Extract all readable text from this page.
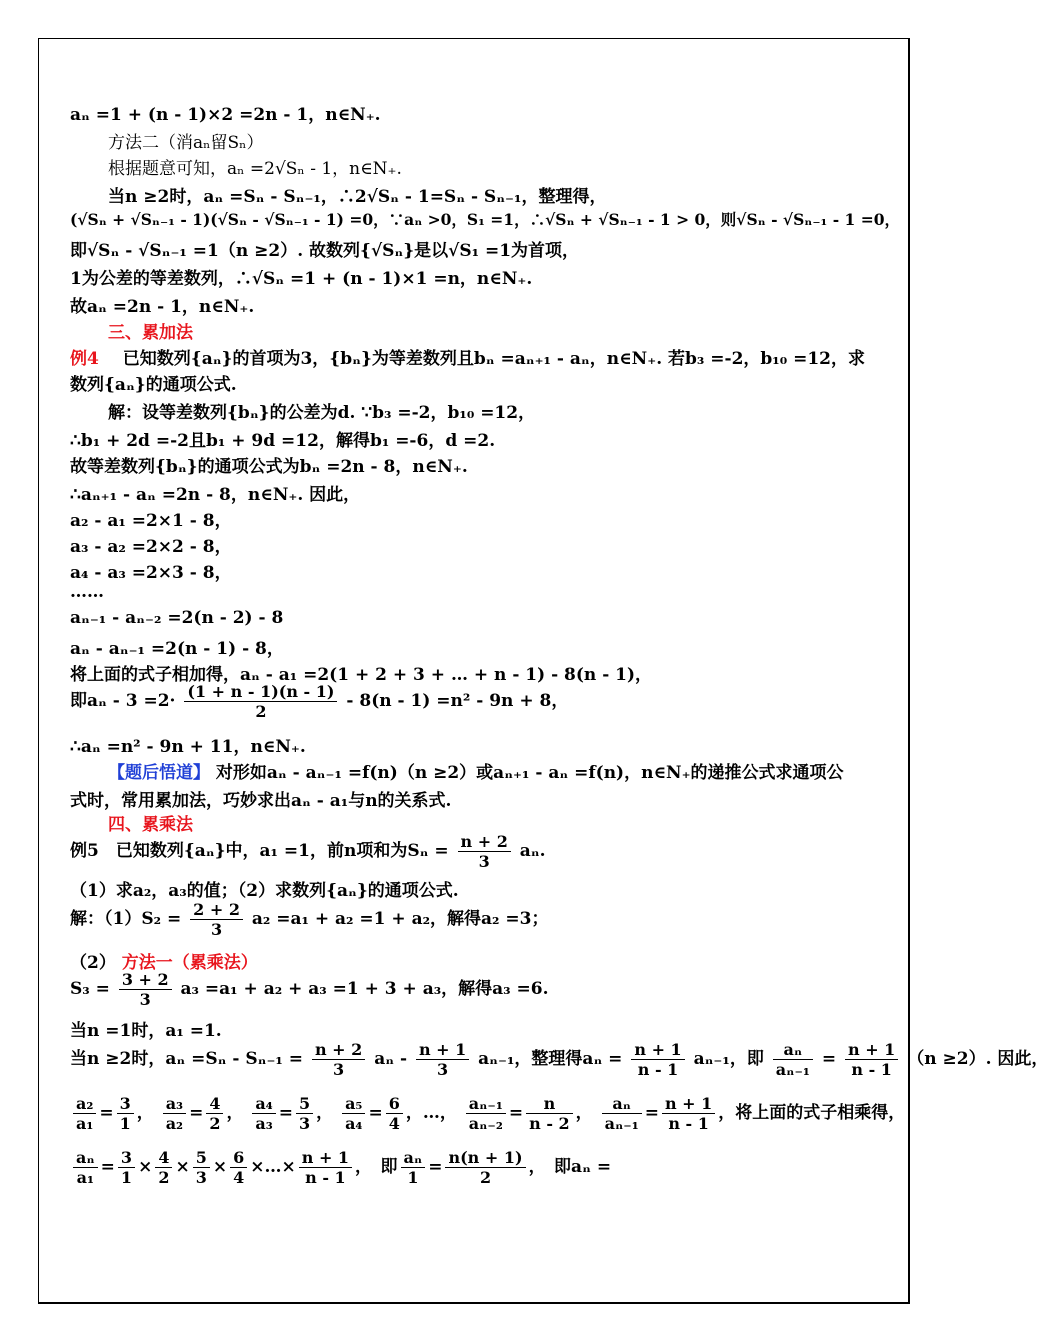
aₙ =1 + (n - 1)×2 =2n - 1，n∈N₊.
方法二（消aₙ留Sₙ）
根据题意可知，aₙ =2√Sₙ - 1，n∈N₊.
当n ≥2时，aₙ =Sₙ - Sₙ₋₁，∴2√Sₙ - 1=Sₙ - Sₙ₋₁，整理得，
(√Sₙ + √Sₙ₋₁ - 1)(√Sₙ - √Sₙ₋₁ - 1) =0，∵aₙ >0，S₁ =1，∴√Sₙ + √Sₙ₋₁ - 1 > 0，则√Sₙ - √Sₙ₋₁ - 1 =0，
即√Sₙ - √Sₙ₋₁ =1（n ≥2）. 故数列{√Sₙ}是以√S₁ =1为首项，
1为公差的等差数列，∴√Sₙ =1 + (n - 1)×1 =n，n∈N₊.
故aₙ =2n - 1，n∈N₊.
三、累加法
例4 已知数列{aₙ}的首项为3，{bₙ}为等差数列且bₙ =aₙ₊₁ - aₙ，n∈N₊. 若b₃ =-2，b₁₀ =12，求
数列{aₙ}的通项公式.
解：设等差数列{bₙ}的公差为d. ∵b₃ =-2，b₁₀ =12，
∴b₁ + 2d =-2且b₁ + 9d =12，解得b₁ =-6，d =2.
故等差数列{bₙ}的通项公式为bₙ =2n - 8，n∈N₊.
∴aₙ₊₁ - aₙ =2n - 8，n∈N₊. 因此，
a₂ - a₁ =2×1 - 8，
a₃ - a₂ =2×2 - 8，
a₄ - a₃ =2×3 - 8，
……
aₙ₋₁ - aₙ₋₂ =2(n - 2) - 8
aₙ - aₙ₋₁ =2(n - 1) - 8，
将上面的式子相加得，aₙ - a₁ =2(1 + 2 + 3 + … + n - 1) - 8(n - 1)，
即$a_n - 3 =2\cdot \frac{(1 + n - 1)(n - 1)}{2} - 8(n - 1) =n^2 - 9n + 8$，
∴aₙ =n² - 9n + 11，n∈N₊.
【题后悟道】 对形如aₙ - aₙ₋₁ =f(n)（n ≥2）或aₙ₊₁ - aₙ =f(n)，n∈N₊的递推公式求通项公
式时，常用累加法，巧妙求出aₙ - a₁与n的关系式.
四、累乘法
例5　已知数列{aₙ}中，a₁ =1，前n项和为$S_n = \frac{n + 2}{3} a_n$.
（1）求a₂，a₃的值；（2）求数列{aₙ}的通项公式.
解：$(1)S_2 = \frac{2 + 2}{3} a_2 =a_1 + a_2 =1 + a_2$，解得a₂ =3；
（2） 方法一（累乘法）
$S_3 = \frac{3 + 2}{3} a_3 =a_1 + a_2 + a_3 =1 + 3 + a_3$，解得a₃ =6.
当n =1时，a₁ =1.
当n ≥2时，$a_n =S_n - S_{n-1} = \frac{n + 2}{3}$ aₙ - $\frac{n + 1}{3} a_{n-1}$，整理得$a_n = \frac{n + 1}{n - 1} a_{n-1}$，即 $\frac{\text{aₙ}}{\text{aₙ₋₁}} = \frac{n + 1}{n - 1} (n \ge 2)$. 因此，
$\frac{\text{a₂}}{\text{a₁}} = \frac{3}{1}$ ， $\frac{\text{a₃}}{\text{a₂}} = \frac{4}{2}$ ， $\frac{\text{a₄}}{\text{a₃}} = \frac{5}{3}$ ， $\frac{\text{a₅}}{\text{a₄}} = \frac{6}{4}$ ，…， $\frac{\text{aₙ₋₁}}{\text{aₙ₋₂}} = \frac{n}{n - 2}$ ， $\frac{\text{aₙ}}{\text{aₙ₋₁}} = \frac{n + 1}{n - 1}$ ，将上面的式子相乘得，
$\frac{\text{aₙ}}{\text{a₁}} = \frac{3}{1} \times \frac{4}{2} \times \frac{5}{3} \times \frac{6}{4}$ ×…× $\frac{n + 1}{n - 1}$ ，　即 $\frac{\text{aₙ}}{1} = \frac{n(n + 1)}{2}$ ，　即aₙ =
